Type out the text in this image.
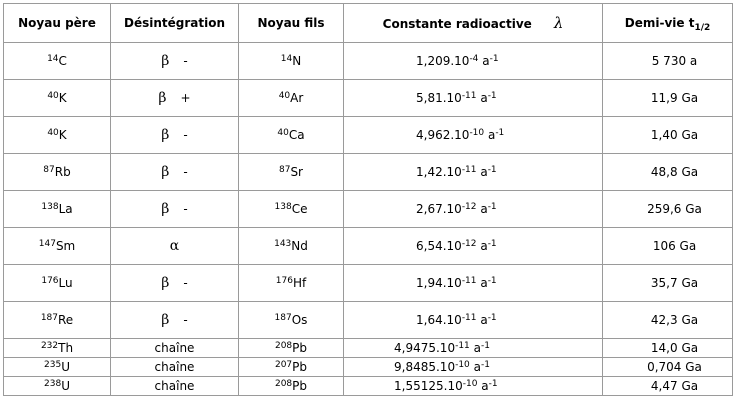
Noyau père	Désintégration	Noyau fils	Constante radioactive λ	Demi-vie $t_{1/2}$
$^{14}$C	β -	$^{14}$N	$1,209.10^{-4}$ $a^{-1}$	5 730 a
$^{40}$K	β +	$^{40}$Ar	$5,81.10^{-11}$ $a^{-1}$	11,9 Ga
$^{40}$K	β -	$^{40}$Ca	$4,962.10^{-10}$ $a^{-1}$	1,40 Ga
$^{87}$Rb	β -	$^{87}$Sr	$1,42.10^{-11}$ $a^{-1}$	48,8 Ga
$^{138}$La	β -	$^{138}$Ce	$2,67.10^{-12}$ $a^{-1}$	259,6 Ga
$^{147}$Sm	α	$^{143}$Nd	$6,54.10^{-12}$ $a^{-1}$	106 Ga
$^{176}$Lu	β -	$^{176}$Hf	$1,94.10^{-11}$ $a^{-1}$	35,7 Ga
$^{187}$Re	β -	$^{187}$Os	$1,64.10^{-11}$ $a^{-1}$	42,3 Ga
$^{232}$Th	chaîne	$^{208}$Pb	$4,9475.10^{-11}$ $a^{-1}$	14,0 Ga
$^{235}$U	chaîne	$^{207}$Pb	$9,8485.10^{-10}$ $a^{-1}$	0,704 Ga
$^{238}$U	chaîne	$^{208}$Pb	$1,55125.10^{-10}$ $a^{-1}$	4,47 Ga
